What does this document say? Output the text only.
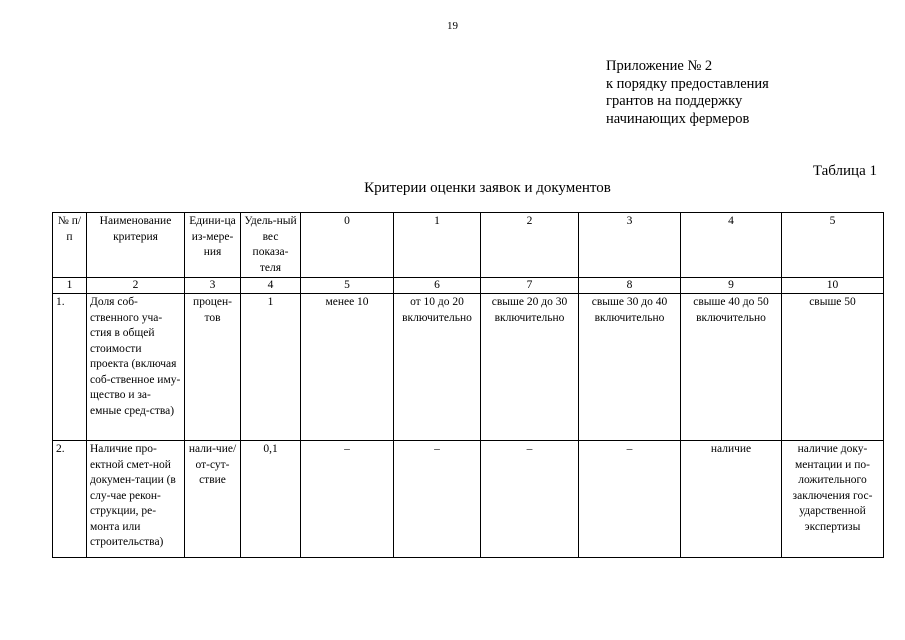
19
Приложение № 2
к порядку предоставления
грантов на поддержку
начинающих фермеров
Таблица 1
Критерии оценки заявок и документов
№ п/п	Наименование критерия	Едини-ца из-мере-ния	Удель-ный вес показа-теля	0	1	2	3	4	5
1	2	3	4	5	6	7	8	9	10
1.	Доля соб-ственного уча-стия в общей стоимости проекта (включая соб-ственное иму-щество и за-емные сред-ства)	процен-тов	1	менее 10	от 10 до 20 включительно	свыше 20 до 30 включительно	свыше 30 до 40 включительно	свыше 40 до 50 включительно	свыше 50
2.	Наличие про-ектной смет-ной докумен-тации (в слу-чае рекон-струкции, ре-монта или строительства)	нали-чие/ от-сут-ствие	0,1	–	–	–	–	наличие	наличие доку-ментации и по-ложительного заключения гос-ударственной экспертизы
